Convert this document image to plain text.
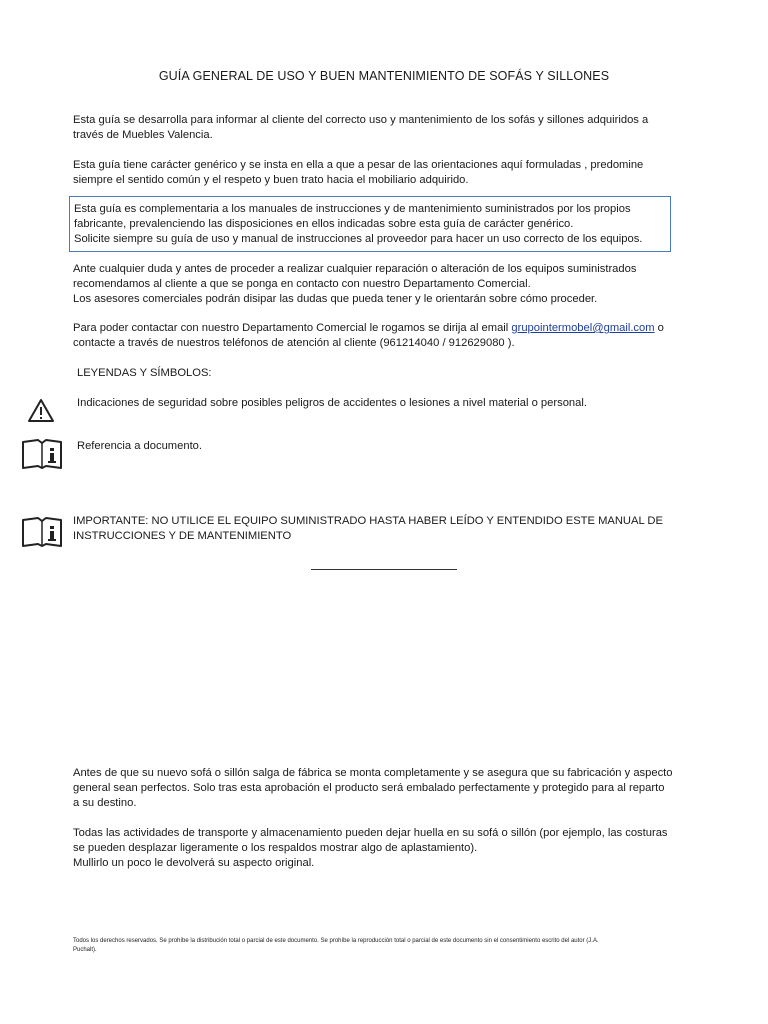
GUÍA GENERAL DE USO Y BUEN MANTENIMIENTO DE SOFÁS Y SILLONES
Esta guía se desarrolla para informar al cliente del correcto uso y mantenimiento de los sofás y sillones adquiridos a
través de Muebles Valencia.
Esta guía tiene carácter genérico y se insta en ella a que a pesar de las orientaciones aquí formuladas , predomine
siempre el sentido común y el respeto y buen trato hacia el mobiliario adquirido.
Esta guía es complementaria a los manuales de instrucciones y de mantenimiento suministrados por los propios
fabricante, prevalenciendo las disposiciones en ellos indicadas sobre esta guía de carácter genérico.
Solicite siempre su guía de uso y manual de instrucciones al proveedor para hacer un uso correcto de los equipos.
Ante cualquier duda y antes de proceder a realizar cualquier reparación o alteración de los equipos suministrados
recomendamos al cliente a que se ponga en contacto con nuestro Departamento Comercial.
Los asesores comerciales podrán disipar las dudas que pueda tener y le orientarán sobre cómo proceder.
Para poder contactar con nuestro Departamento Comercial le rogamos se dirija al email grupointermobel@gmail.com o
contacte a través de nuestros teléfonos de atención al cliente (961214040 / 912629080 ).
LEYENDAS Y SÍMBOLOS:
Indicaciones de seguridad sobre posibles peligros de accidentes o lesiones a nivel material o personal.
Referencia a documento.
IMPORTANTE: NO UTILICE EL EQUIPO SUMINISTRADO HASTA HABER LEÍDO Y ENTENDIDO ESTE MANUAL DE
INSTRUCCIONES Y DE MANTENIMIENTO
Antes de que su nuevo sofá o sillón salga de fábrica se monta completamente y se asegura que su fabricación y aspecto
general sean perfectos. Solo tras esta aprobación el producto será embalado perfectamente y protegido para al reparto
a su destino.
Todas las actividades de transporte y almacenamiento pueden dejar huella en su sofá o sillón (por ejemplo, las costuras
se pueden desplazar ligeramente o los respaldos mostrar algo de aplastamiento).
Mullirlo un poco le devolverá su aspecto original.
Todos los derechos reservados. Se prohíbe la distribución total o parcial de este documento. Se prohíbe la reproducción total o parcial de este documento sin el consentimiento escrito del autor (J.A.
Puchalt).
